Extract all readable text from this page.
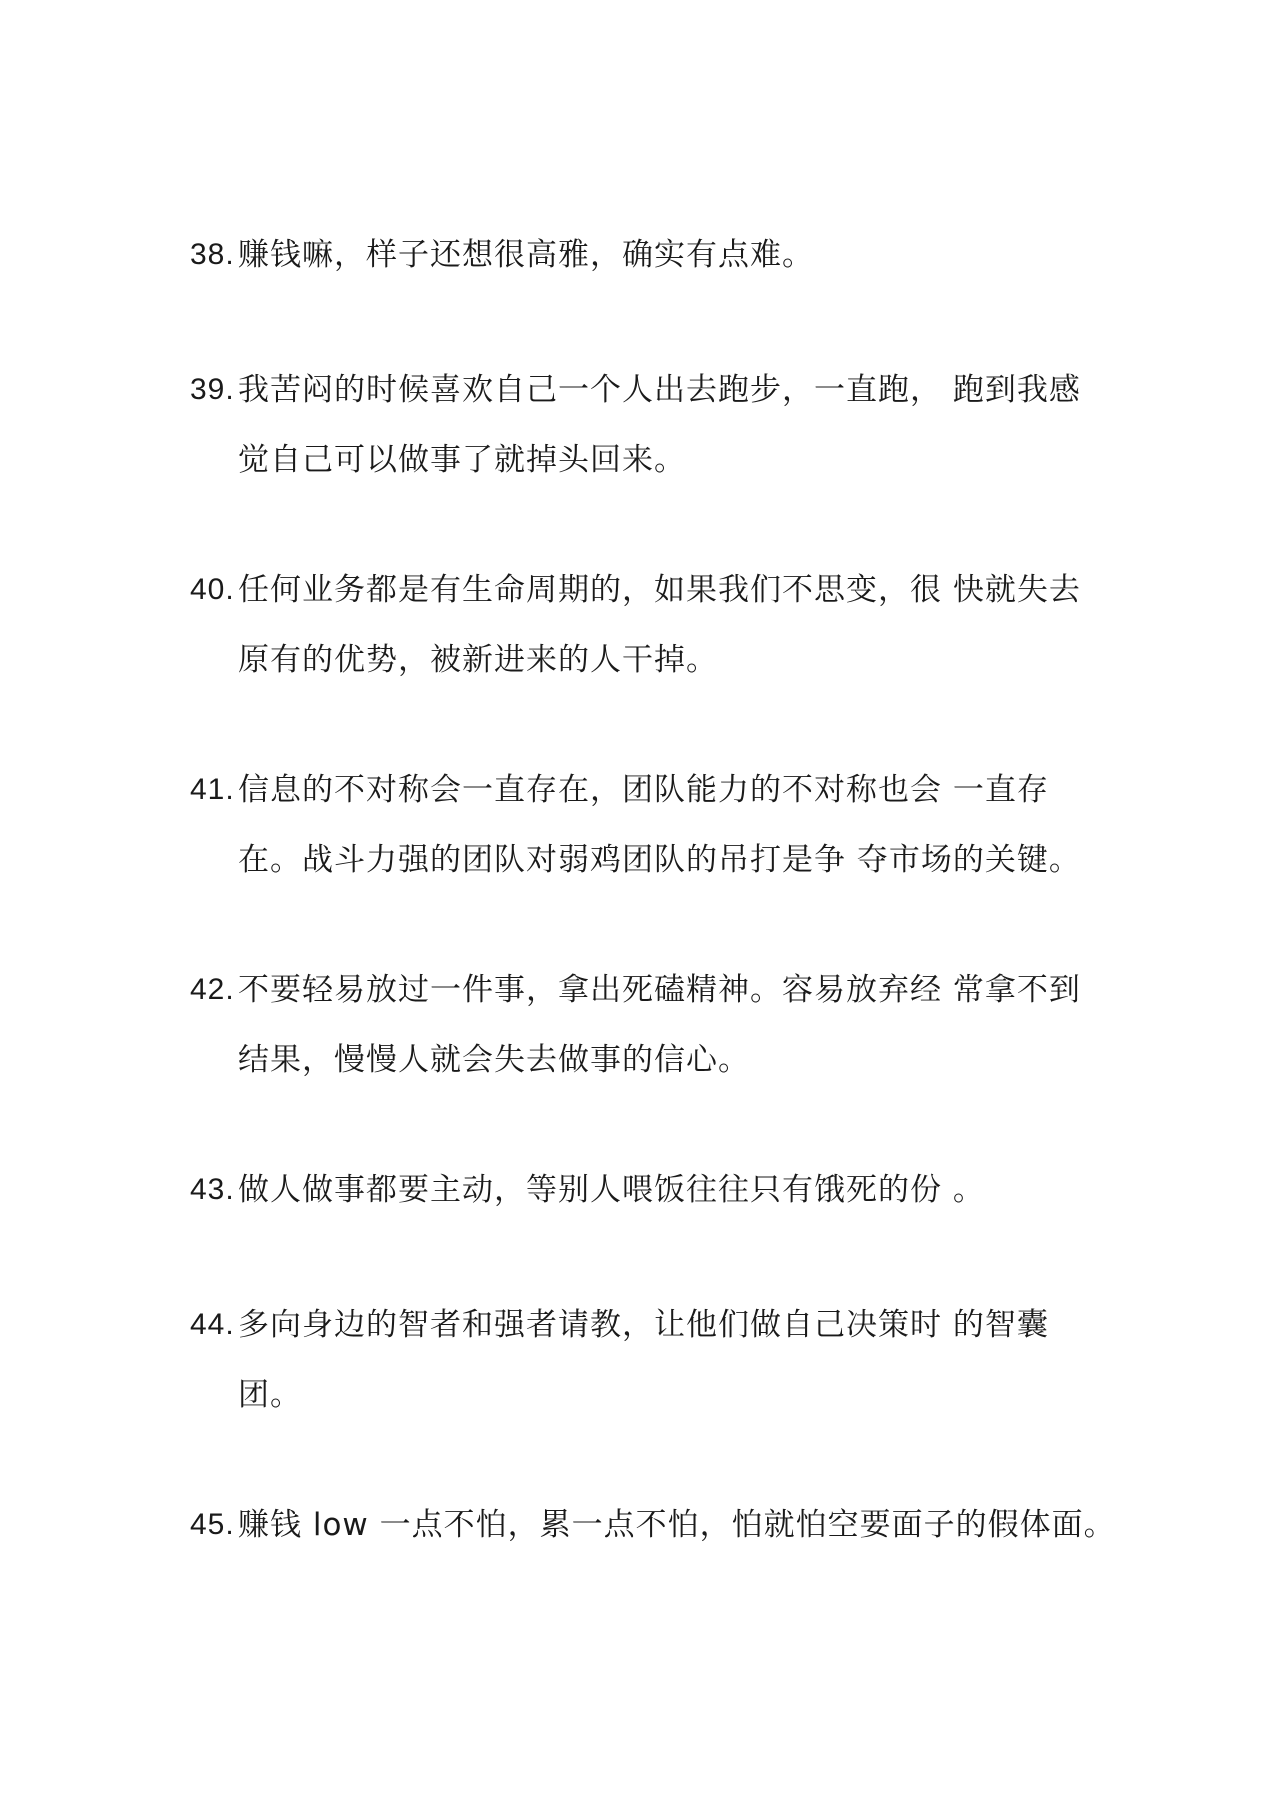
38. 赚钱嘛，样子还想很高雅，确实有点难。
39. 我苦闷的时候喜欢自己一个人出去跑步，一直跑， 跑到我感
觉自己可以做事了就掉头回来。
40. 任何业务都是有生命周期的，如果我们不思变，很 快就失去
原有的优势，被新进来的人干掉。
41. 信息的不对称会一直存在，团队能力的不对称也会 一直存
在。战斗力强的团队对弱鸡团队的吊打是争 夺市场的关键。
42. 不要轻易放过一件事，拿出死磕精神。容易放弃经 常拿不到
结果，慢慢人就会失去做事的信心。
43. 做人做事都要主动，等别人喂饭往往只有饿死的份 。
44. 多向身边的智者和强者请教，让他们做自己决策时 的智囊
团。
45. 赚钱 low 一点不怕，累一点不怕，怕就怕空要面子的假体面。
